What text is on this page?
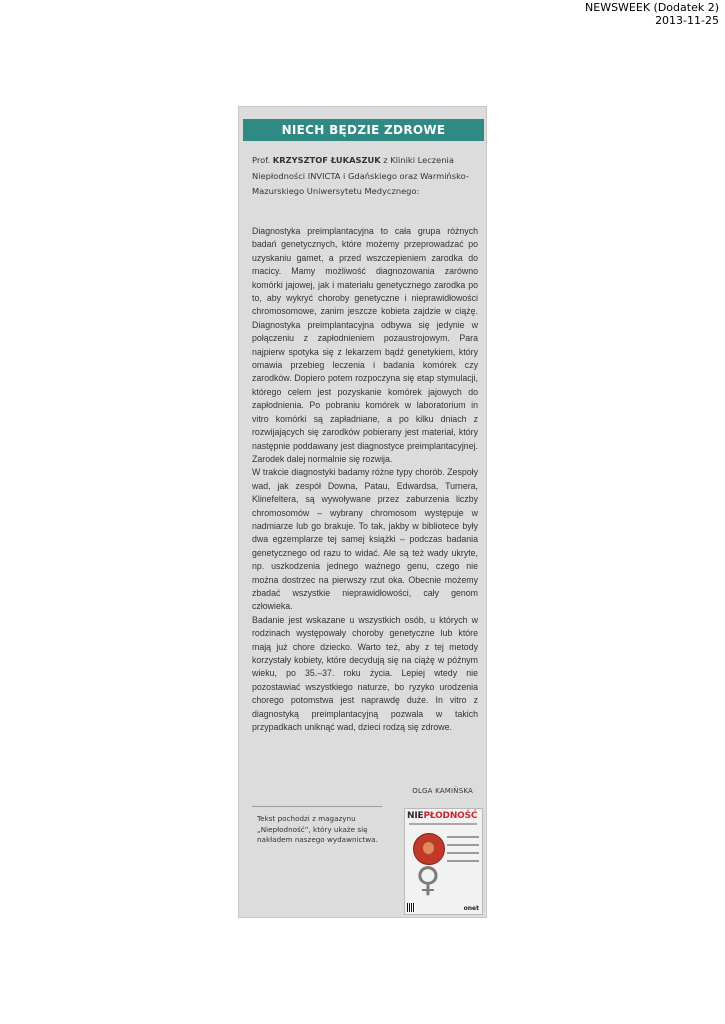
NEWSWEEK (Dodatek 2)
2013-11-25
NIECH BĘDZIE ZDROWE
Prof. KRZYSZTOF ŁUKASZUK z Kliniki Leczenia Niepłodności INVICTA i Gdańskiego oraz Warmińsko-Mazurskiego Uniwersytetu Medycznego:

Diagnostyka preimplantacyjna to cała grupa różnych badań genetycznych, które możemy przeprowadzać po uzyskaniu gamet, a przed wszczepieniem zarodka do macicy. Mamy możliwość diagnozowania zarówno komórki jajowej, jak i materiału genetycznego zarodka po to, aby wykryć choroby genetyczne i nieprawidłowości chromosomowe, zanim jeszcze kobieta zajdzie w ciążę. Diagnostyka preimplantacyjna odbywa się jedynie w połączeniu z zapłodnieniem pozaustrojowym. Para najpierw spotyka się z lekarzem bądź genetykiem, który omawia przebieg leczenia i badania komórek czy zarodków. Dopiero potem rozpoczyna się etap stymulacji, którego celem jest pozyskanie komórek jajowych do zapłodnienia. Po pobraniu komórek w laboratorium in vitro komórki są zapładniane, a po kilku dniach z rozwijających się zarodków pobierany jest materiał, który następnie poddawany jest diagnostyce preimplantacyjnej. Zarodek dalej normalnie się rozwija.

W trakcie diagnostyki badamy różne typy chorób. Zespoły wad, jak zespół Downa, Patau, Edwardsa, Turnera, Klinefeltera, są wywoływane przez zaburzenia liczby chromosomów – wybrany chromosom występuje w nadmiarze lub go brakuje. To tak, jakby w bibliotece były dwa egzemplarze tej samej książki – podczas badania genetycznego od razu to widać. Ale są też wady ukryte, np. uszkodzenia jednego ważnego genu, czego nie można dostrzec na pierwszy rzut oka. Obecnie możemy zbadać wszystkie nieprawidłowości, cały genom człowieka.

Badanie jest wskazane u wszystkich osób, u których w rodzinach występowały choroby genetyczne lub które mają już chore dziecko. Warto też, aby z tej metody korzystały kobiety, które decydują się na ciążę w późnym wieku, po 35.–37. roku życia. Lepiej wtedy nie pozostawiać wszystkiego naturze, bo ryzyko urodzenia chorego potomstwa jest naprawdę duże. In vitro z diagnostyką preimplantacyjną pozwala w takich przypadkach uniknąć wad, dzieci rodzą się zdrowe.

OLGA KAMIŃSKA
Tekst pochodzi z magazynu „Niepłodność”, który ukaże się nakładem naszego wydawnictwa.
NIEPŁODNOŚĆ
♀
onet
